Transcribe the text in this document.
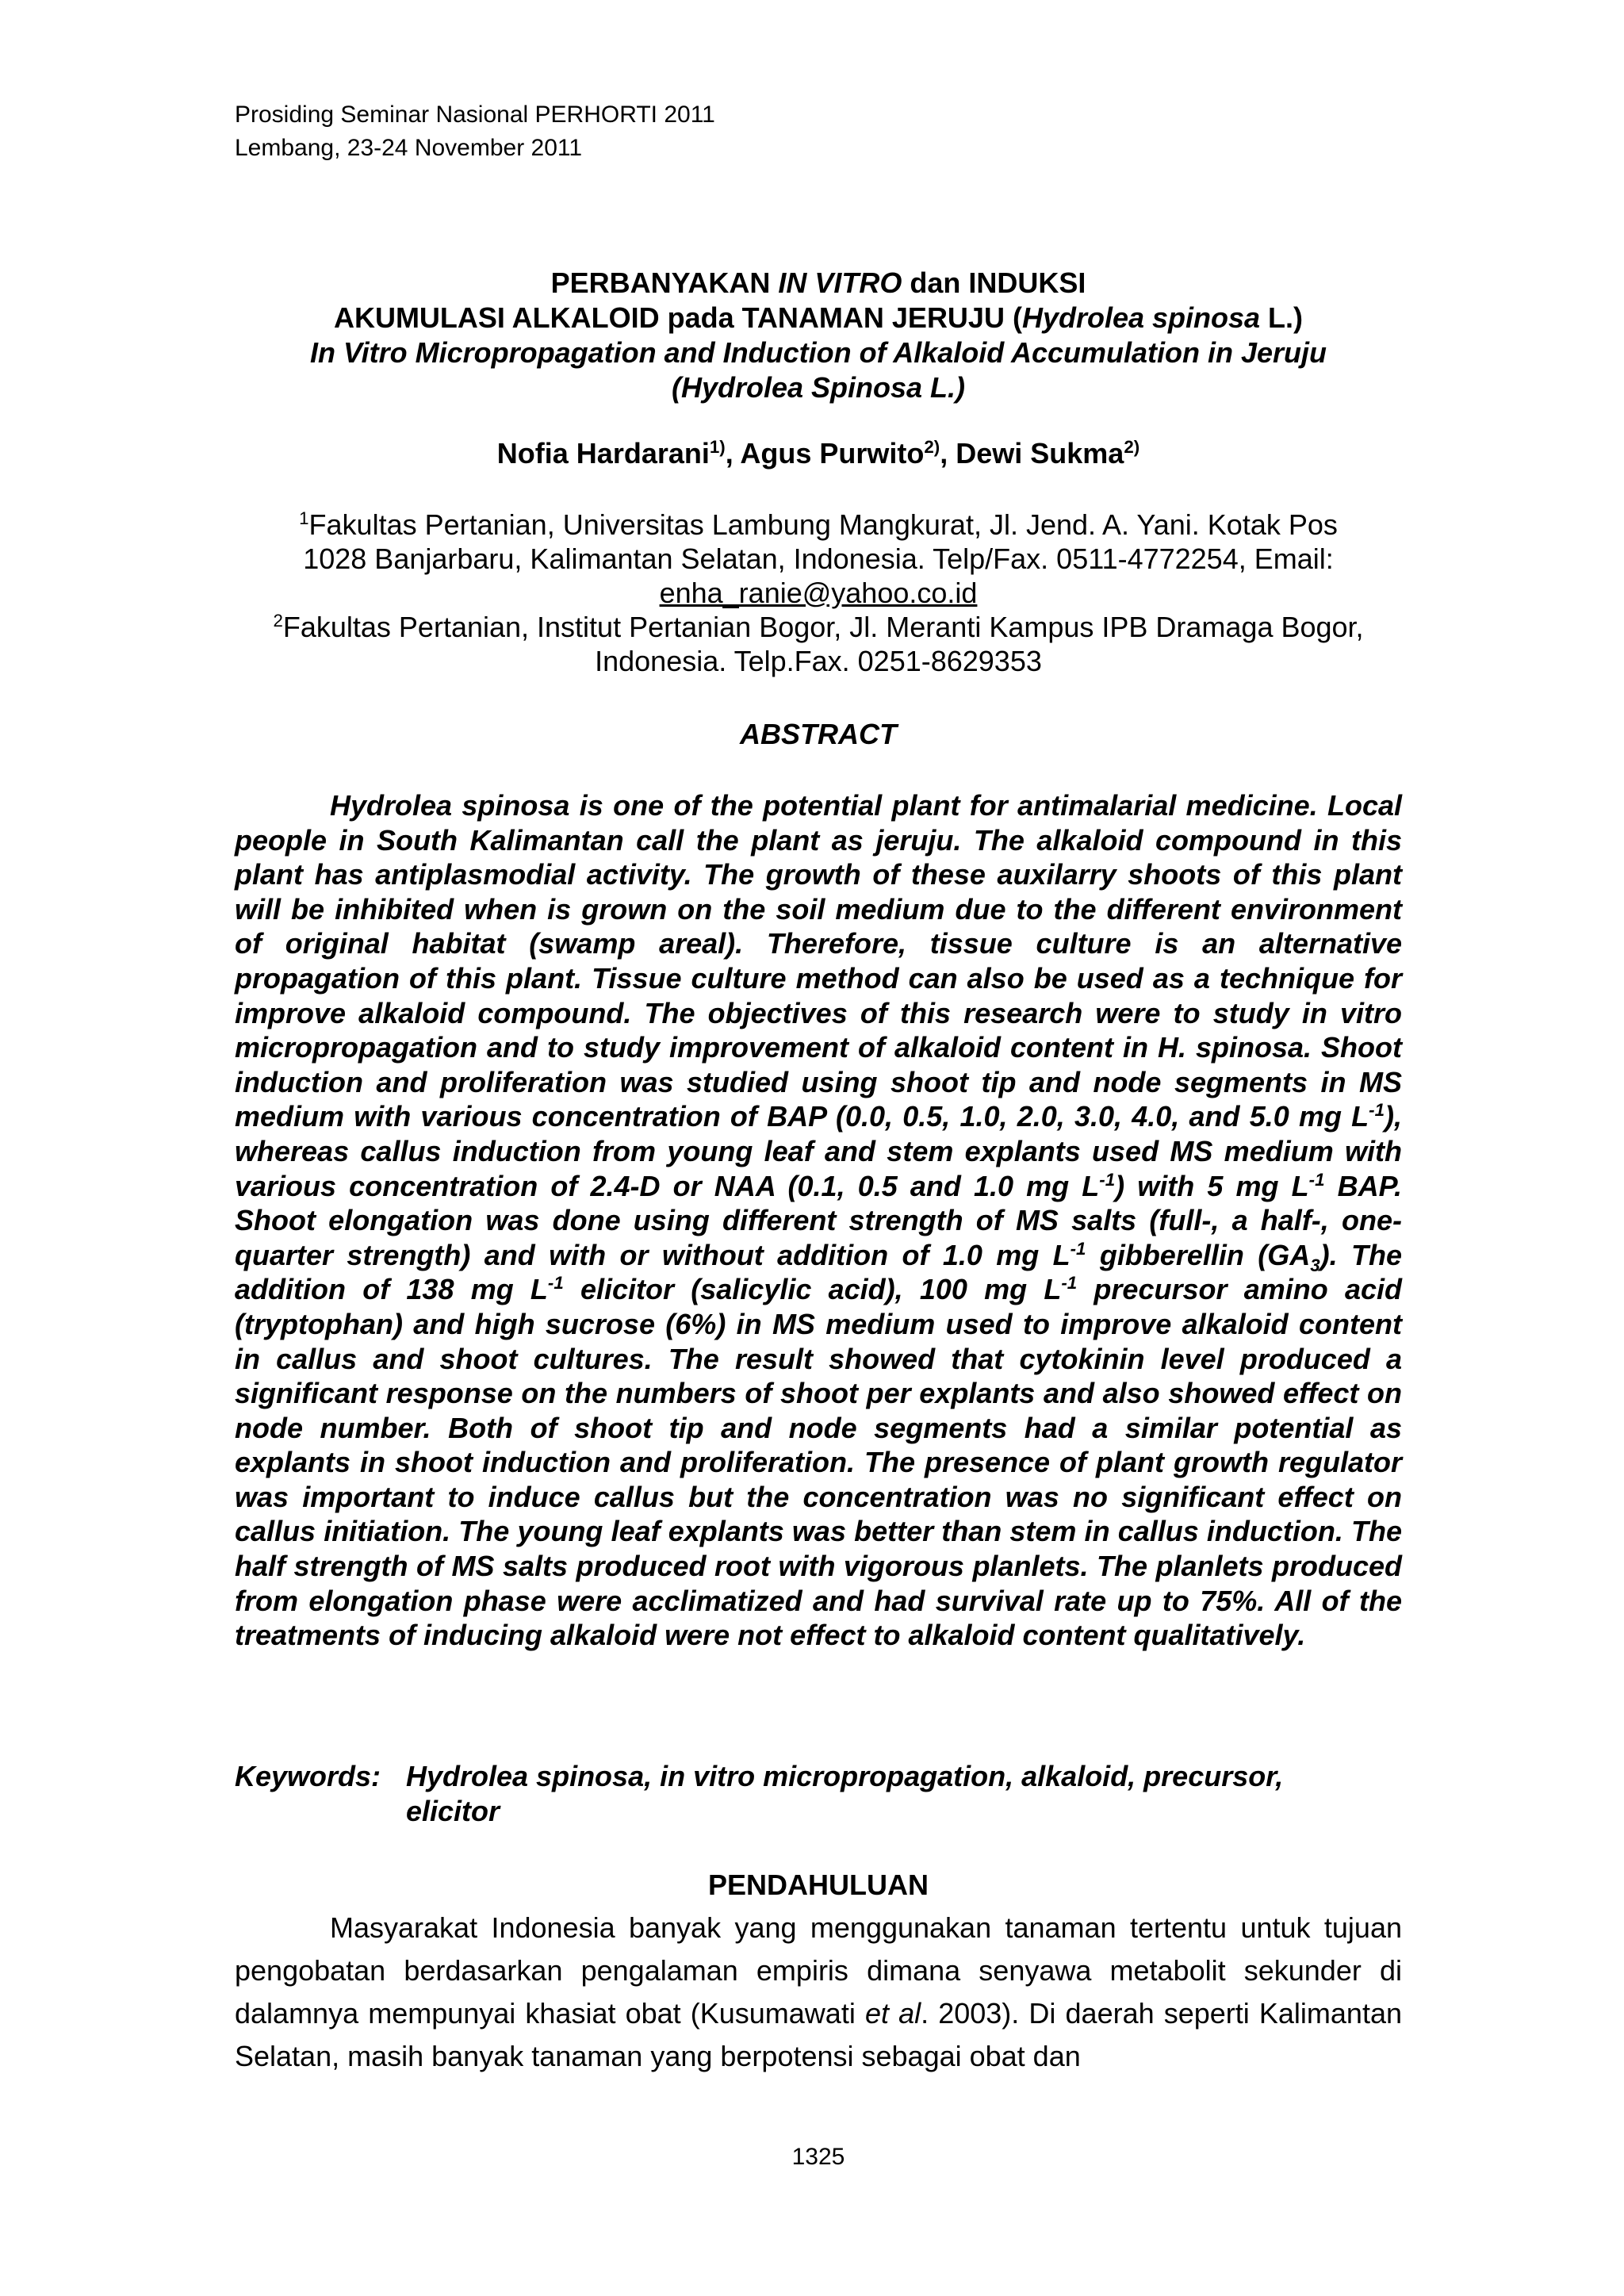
Prosiding Seminar Nasional PERHORTI 2011
Lembang, 23-24 November 2011
PERBANYAKAN IN VITRO dan INDUKSI
AKUMULASI ALKALOID pada TANAMAN JERUJU (Hydrolea spinosa L.)
In Vitro Micropropagation and Induction of Alkaloid Accumulation in Jeruju
(Hydrolea Spinosa L.)
Nofia Hardarani$^{1)}$, Agus Purwito$^{2)}$, Dewi Sukma$^{2)}$
$^1$Fakultas Pertanian, Universitas Lambung Mangkurat, Jl. Jend. A. Yani. Kotak Pos
1028 Banjarbaru, Kalimantan Selatan, Indonesia. Telp/Fax. 0511-4772254, Email:
enha_ranie@yahoo.co.id
$^2$Fakultas Pertanian, Institut Pertanian Bogor, Jl. Meranti Kampus IPB Dramaga Bogor,
Indonesia. Telp.Fax. 0251-8629353
ABSTRACT

Hydrolea spinosa is one of the potential plant for antimalarial medicine. Local people in South Kalimantan call the plant as jeruju. The alkaloid compound in this plant has antiplasmodial activity. The growth of these auxilarry shoots of this plant will be inhibited when is grown on the soil medium due to the different environment of original habitat (swamp areal). Therefore, tissue culture is an alternative propagation of this plant. Tissue culture method can also be used as a technique for improve alkaloid compound. The objectives of this research were to study in vitro micropropagation and to study improvement of alkaloid content in H. spinosa. Shoot induction and proliferation was studied using shoot tip and node segments in MS medium with various concentration of BAP (0.0, 0.5, 1.0, 2.0, 3.0, 4.0, and 5.0 mg $L^{-1}$), whereas callus induction from young leaf and stem explants used MS medium with various concentration of 2.4-D or NAA (0.1, 0.5 and 1.0 mg $L^{-1}$) with 5 mg $L^{-1}$ BAP. Shoot elongation was done using different strength of MS salts (full-, a half-, one-quarter strength) and with or without addition of 1.0 mg $L^{-1}$ gibberellin $(GA_3)$. The addition of 138 mg $L^{-1}$ elicitor (salicylic acid), 100 mg $L^{-1}$ precursor amino acid (tryptophan) and high sucrose (6%) in MS medium used to improve alkaloid content in callus and shoot cultures. The result showed that cytokinin level produced a significant response on the numbers of shoot per explants and also showed effect on node number. Both of shoot tip and node segments had a similar potential as explants in shoot induction and proliferation. The presence of plant growth regulator was important to induce callus but the concentration was no significant effect on callus initiation. The young leaf explants was better than stem in callus induction. The half strength of MS salts produced root with vigorous planlets. The planlets produced from elongation phase were acclimatized and had survival rate up to 75%. All of the treatments of inducing alkaloid were not effect to alkaloid content qualitatively.

Keywords: Hydrolea spinosa, in vitro micropropagation, alkaloid, precursor, elicitor
PENDAHULUAN

Masyarakat Indonesia banyak yang menggunakan tanaman tertentu untuk tujuan pengobatan berdasarkan pengalaman empiris dimana senyawa metabolit sekunder di dalamnya mempunyai khasiat obat (Kusumawati et al. 2003). Di daerah seperti Kalimantan Selatan, masih banyak tanaman yang berpotensi sebagai obat dan

1325
